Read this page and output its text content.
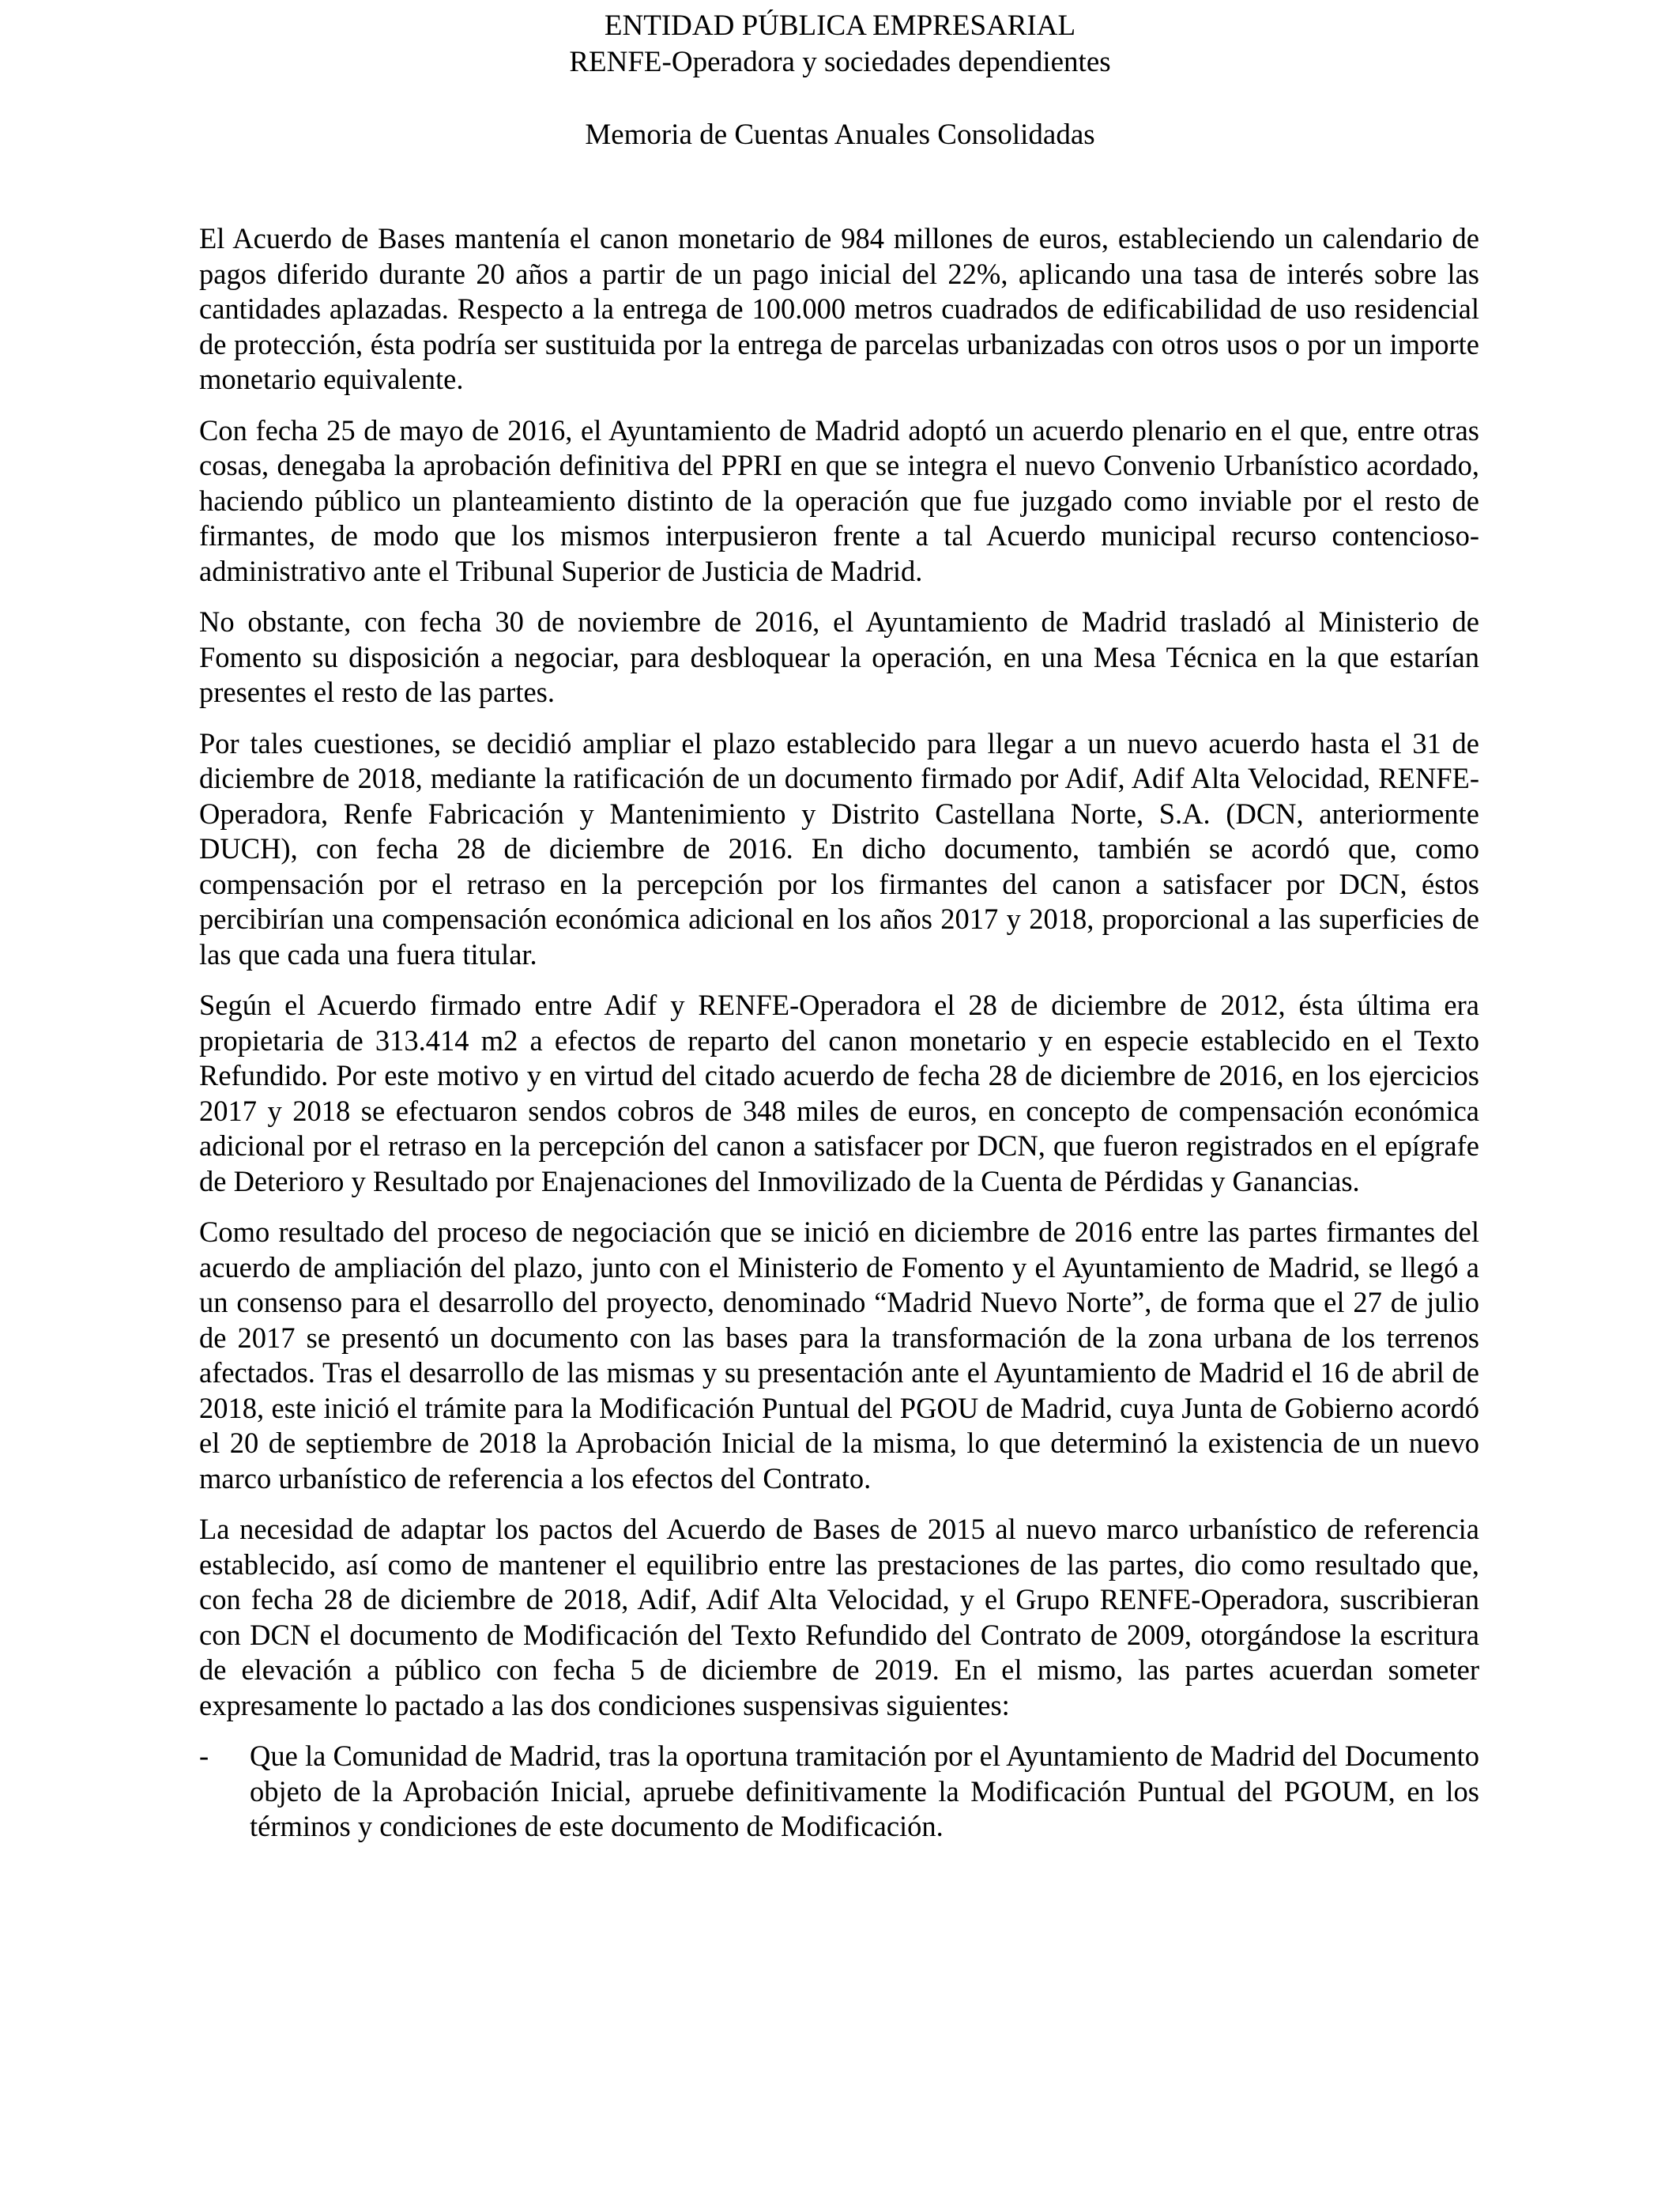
ENTIDAD PÚBLICA EMPRESARIAL
RENFE-Operadora y sociedades dependientes
Memoria de Cuentas Anuales Consolidadas

El Acuerdo de Bases mantenía el canon monetario de 984 millones de euros, estableciendo un calendario de pagos diferido durante 20 años a partir de un pago inicial del 22%, aplicando una tasa de interés sobre las cantidades aplazadas. Respecto a la entrega de 100.000 metros cuadrados de edificabilidad de uso residencial de protección, ésta podría ser sustituida por la entrega de parcelas urbanizadas con otros usos o por un importe monetario equivalente.

Con fecha 25 de mayo de 2016, el Ayuntamiento de Madrid adoptó un acuerdo plenario en el que, entre otras cosas, denegaba la aprobación definitiva del PPRI en que se integra el nuevo Convenio Urbanístico acordado, haciendo público un planteamiento distinto de la operación que fue juzgado como inviable por el resto de firmantes, de modo que los mismos interpusieron frente a tal Acuerdo municipal recurso contencioso-administrativo ante el Tribunal Superior de Justicia de Madrid.

No obstante, con fecha 30 de noviembre de 2016, el Ayuntamiento de Madrid trasladó al Ministerio de Fomento su disposición a negociar, para desbloquear la operación, en una Mesa Técnica en la que estarían presentes el resto de las partes.

Por tales cuestiones, se decidió ampliar el plazo establecido para llegar a un nuevo acuerdo hasta el 31 de diciembre de 2018, mediante la ratificación de un documento firmado por Adif, Adif Alta Velocidad, RENFE-Operadora, Renfe Fabricación y Mantenimiento y Distrito Castellana Norte, S.A. (DCN, anteriormente DUCH), con fecha 28 de diciembre de 2016. En dicho documento, también se acordó que, como compensación por el retraso en la percepción por los firmantes del canon a satisfacer por DCN, éstos percibirían una compensación económica adicional en los años 2017 y 2018, proporcional a las superficies de las que cada una fuera titular.

Según el Acuerdo firmado entre Adif y RENFE-Operadora el 28 de diciembre de 2012, ésta última era propietaria de 313.414 m2 a efectos de reparto del canon monetario y en especie establecido en el Texto Refundido. Por este motivo y en virtud del citado acuerdo de fecha 28 de diciembre de 2016, en los ejercicios 2017 y 2018 se efectuaron sendos cobros de 348 miles de euros, en concepto de compensación económica adicional por el retraso en la percepción del canon a satisfacer por DCN, que fueron registrados en el epígrafe de Deterioro y Resultado por Enajenaciones del Inmovilizado de la Cuenta de Pérdidas y Ganancias.

Como resultado del proceso de negociación que se inició en diciembre de 2016 entre las partes firmantes del acuerdo de ampliación del plazo, junto con el Ministerio de Fomento y el Ayuntamiento de Madrid, se llegó a un consenso para el desarrollo del proyecto, denominado “Madrid Nuevo Norte”, de forma que el 27 de julio de 2017 se presentó un documento con las bases para la transformación de la zona urbana de los terrenos afectados. Tras el desarrollo de las mismas y su presentación ante el Ayuntamiento de Madrid el 16 de abril de 2018, este inició el trámite para la Modificación Puntual del PGOU de Madrid, cuya Junta de Gobierno acordó el 20 de septiembre de 2018 la Aprobación Inicial de la misma, lo que determinó la existencia de un nuevo marco urbanístico de referencia a los efectos del Contrato.

La necesidad de adaptar los pactos del Acuerdo de Bases de 2015 al nuevo marco urbanístico de referencia establecido, así como de mantener el equilibrio entre las prestaciones de las partes, dio como resultado que, con fecha 28 de diciembre de 2018, Adif, Adif Alta Velocidad, y el Grupo RENFE-Operadora, suscribieran con DCN el documento de Modificación del Texto Refundido del Contrato de 2009, otorgándose la escritura de elevación a público con fecha 5 de diciembre de 2019. En el mismo, las partes acuerdan someter expresamente lo pactado a las dos condiciones suspensivas siguientes:

-	Que la Comunidad de Madrid, tras la oportuna tramitación por el Ayuntamiento de Madrid del Documento objeto de la Aprobación Inicial, apruebe definitivamente la Modificación Puntual del PGOUM, en los términos y condiciones de este documento de Modificación.
